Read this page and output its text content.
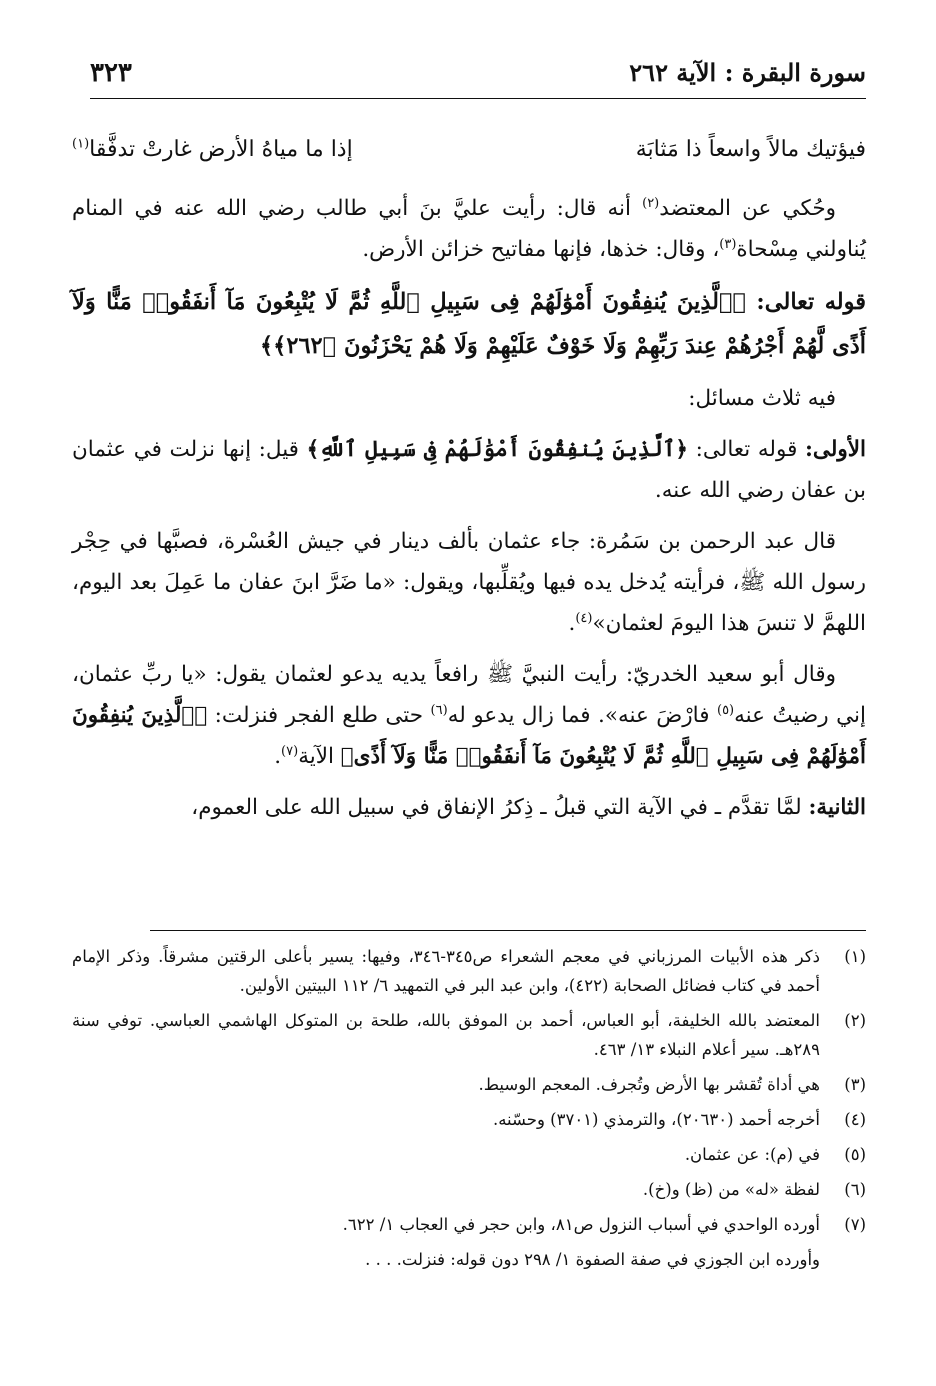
سورة البقرة : الآية ٢٦٢
٣٢٣
فيؤتيك مالاً واسعاً ذا مَثابَة
إذا ما مياهُ الأرض غارتْ تدفَّقا$^{(١)}$

وحُكي عن المعتضد$^{(٢)}$ أنه قال: رأيت عليَّ بنَ أبي طالب رضي الله عنه في المنام يُناولني مِسْحاة$^{(٣)}$، وقال: خذها، فإنها مفاتيح خزائن الأرض.

قوله تعالى: ﴿ٱلَّذِينَ يُنفِقُونَ أَمْوَٰلَهُمْ فِى سَبِيلِ ٱللَّهِ ثُمَّ لَا يُتْبِعُونَ مَآ أَنفَقُوا۟ مَنًّا وَلَآ أَذًى لَّهُمْ أَجْرُهُمْ عِندَ رَبِّهِمْ وَلَا خَوْفٌ عَلَيْهِمْ وَلَا هُمْ يَحْزَنُونَ ﴿٢٦٢﴾﴾

فيه ثلاث مسائل:

الأولى: قوله تعالى: ﴿ٱلَّذِينَ يُنفِقُونَ أَمْوَٰلَهُمْ فِى سَبِيلِ ٱللَّهِ﴾ قيل: إنها نزلت في عثمان بن عفان رضي الله عنه.

قال عبد الرحمن بن سَمُرة: جاء عثمان بألف دينار في جيش العُسْرة، فصبَّها في حِجْر رسول الله ﷺ، فرأيته يُدخل يده فيها ويُقلِّبها، ويقول: «ما ضَرَّ ابنَ عفان ما عَمِلَ بعد اليوم، اللهمَّ لا تنسَ هذا اليومَ لعثمان»$^{(٤)}$.

وقال أبو سعيد الخدريّ: رأيت النبيَّ ﷺ رافعاً يديه يدعو لعثمان يقول: «يا ربِّ عثمان، إني رضيتُ عنه$^{(٥)}$ فارْضَ عنه». فما زال يدعو له$^{(٦)}$ حتى طلع الفجر فنزلت: ﴿ٱلَّذِينَ يُنفِقُونَ أَمْوَٰلَهُمْ فِى سَبِيلِ ٱللَّهِ ثُمَّ لَا يُتْبِعُونَ مَآ أَنفَقُوا۟ مَنًّا وَلَآ أَذًى﴾ الآية$^{(٧)}$.

الثانية: لمَّا تقدَّم ـ في الآية التي قبلُ ـ ذِكرُ الإنفاق في سبيل الله على العموم،

(١)
ذكر هذه الأبيات المرزباني في معجم الشعراء ص٣٤٥-٣٤٦، وفيها: يسير بأعلى الرقتين مشرقاً. وذكر الإمام أحمد في كتاب فضائل الصحابة (٤٢٢)، وابن عبد البر في التمهيد ٦/ ١١٢ البيتين الأولين.
(٢)
المعتضد بالله الخليفة، أبو العباس، أحمد بن الموفق بالله، طلحة بن المتوكل الهاشمي العباسي. توفي سنة ٢٨٩هـ. سير أعلام النبلاء ١٣/ ٤٦٣.
(٣)
هي أداة تُقشر بها الأرض وتُجرف. المعجم الوسيط.
(٤)
أخرجه أحمد (٢٠٦٣٠)، والترمذي (٣٧٠١) وحسّنه.
(٥)
في (م): عن عثمان.
(٦)
لفظة «له» من (ظ) و(خ).
(٧)
أورده الواحدي في أسباب النزول ص٨١، وابن حجر في العجاب ١/ ٦٢٢.
وأورده ابن الجوزي في صفة الصفوة ١/ ٢٩٨ دون قوله: فنزلت. . . .
